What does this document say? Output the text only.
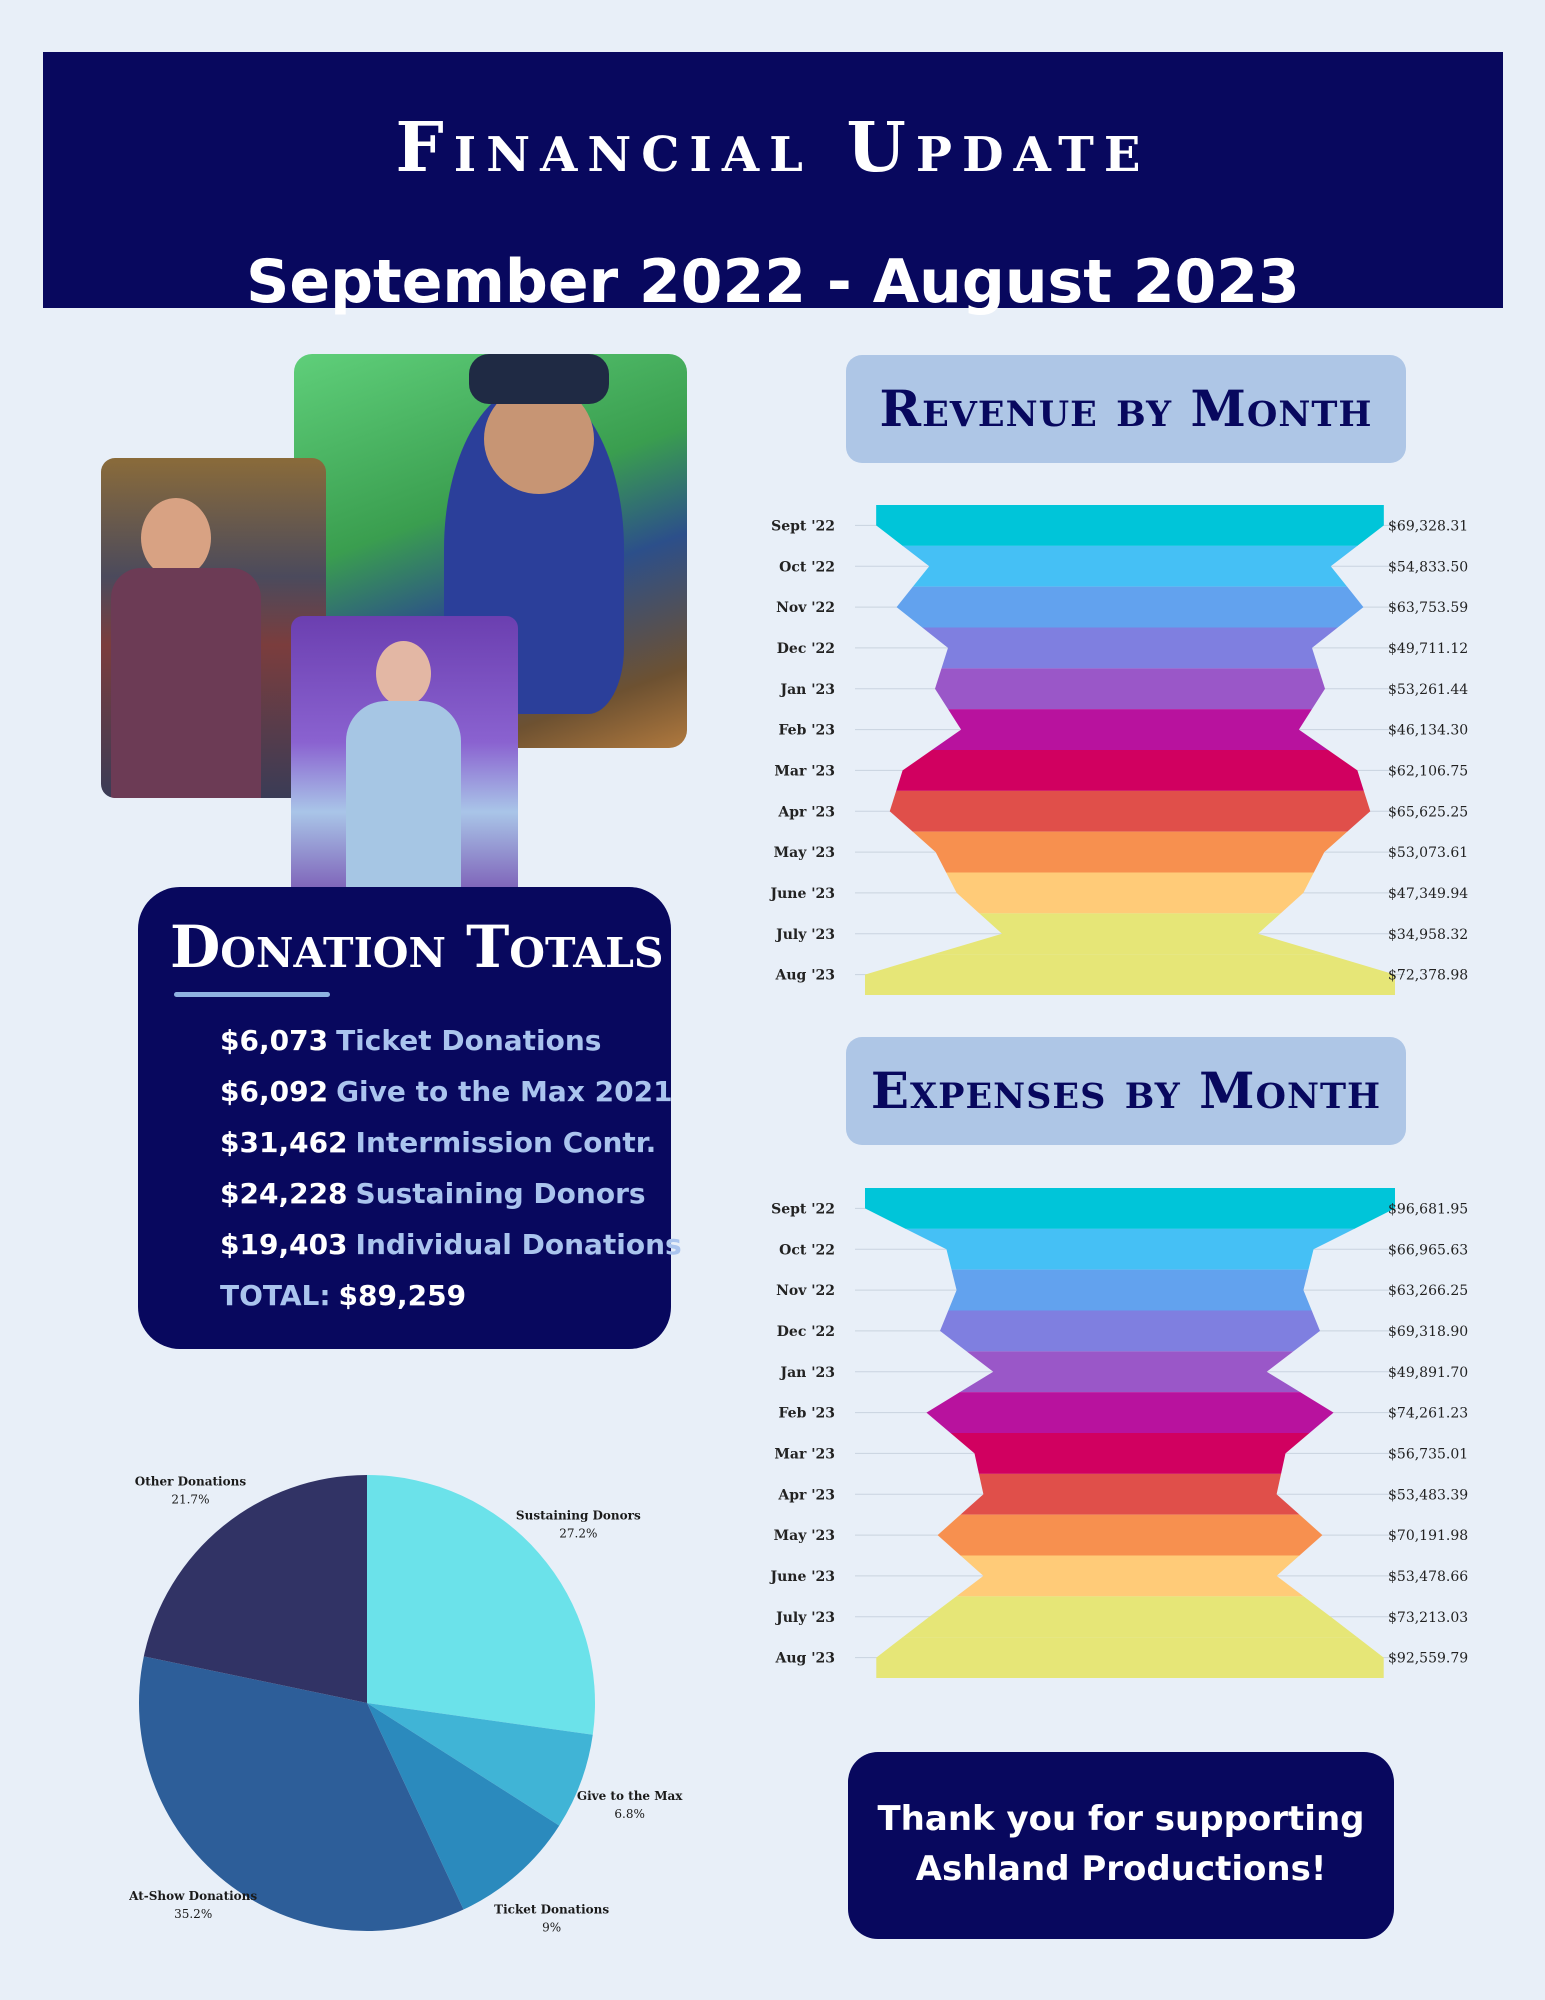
Financial Update
September 2022 - August 2023
Revenue by Month
Sept '22	$69,328.31
Oct '22	$54,833.50
Nov '22	$63,753.59
Dec '22	$49,711.12
Jan '23	$53,261.44
Feb '23	$46,134.30
Mar '23	$62,106.75
Apr '23	$65,625.25
May '23	$53,073.61
June '23	$47,349.94
July '23	$34,958.32
Aug '23	$72,378.98
Expenses by Month
Sept '22	$96,681.95
Oct '22	$66,965.63
Nov '22	$63,266.25
Dec '22	$69,318.90
Jan '23	$49,891.70
Feb '23	$74,261.23
Mar '23	$56,735.01
Apr '23	$53,483.39
May '23	$70,191.98
June '23	$53,478.66
July '23	$73,213.03
Aug '23	$92,559.79
Donation Totals
$6,073 Ticket Donations
$6,092 Give to the Max 2021
$31,462 Intermission Contr.
$24,228 Sustaining Donors
$19,403 Individual Donations
TOTAL: $89,259
Sustaining Donors
27.2%
Give to the Max
6.8%
Ticket Donations
9%
At-Show Donations
35.2%
Other Donations
21.7%
Thank you for supporting
Ashland Productions!
